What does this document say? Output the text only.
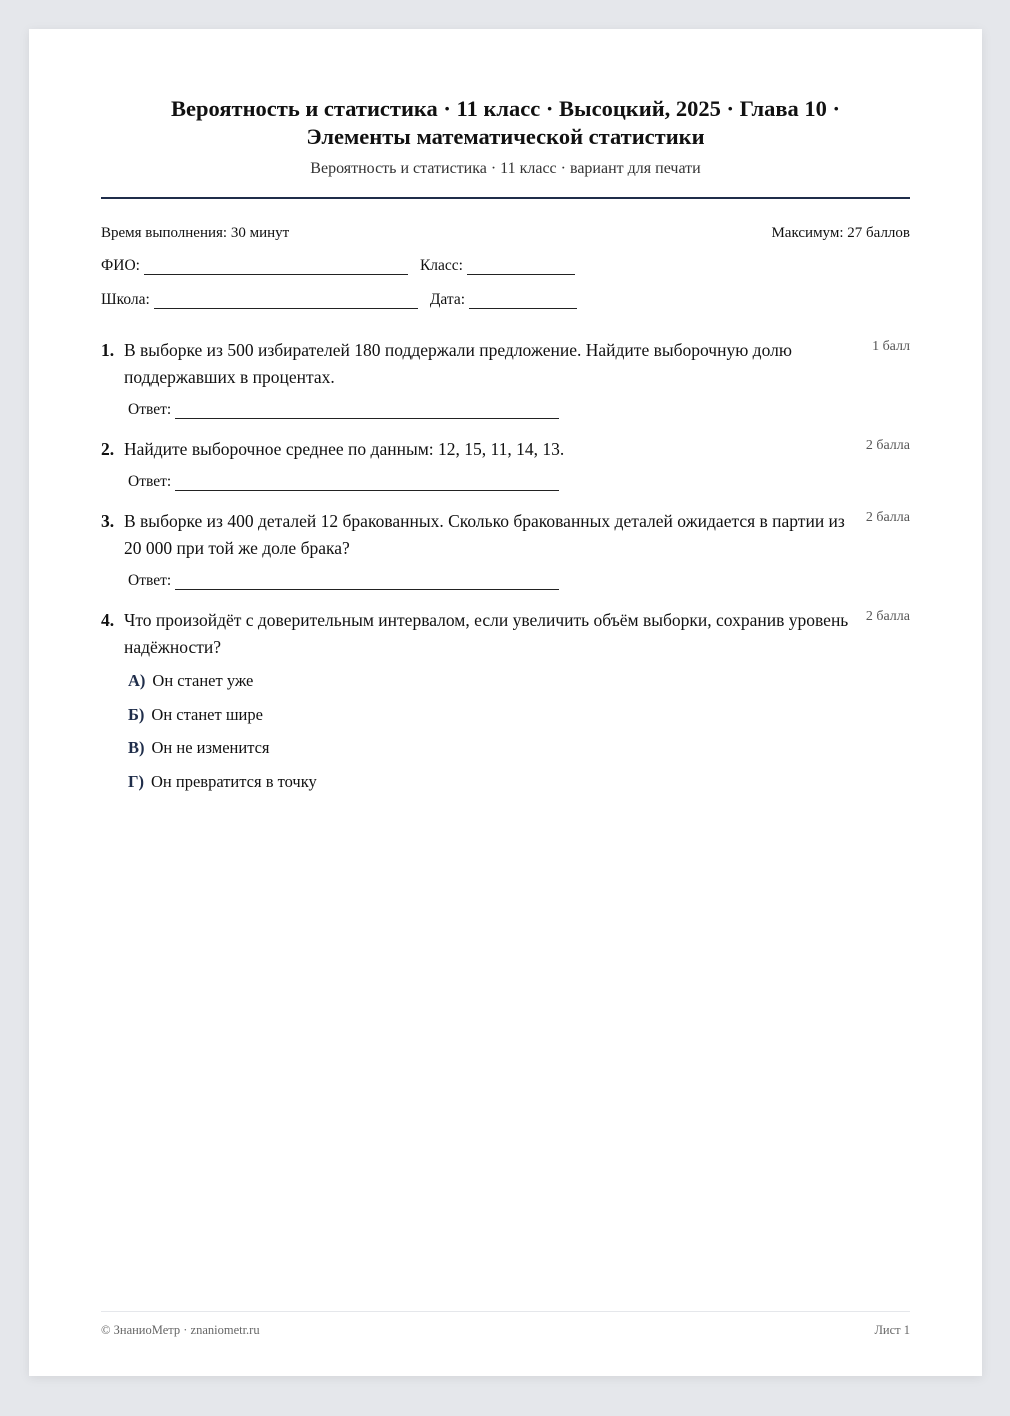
Вероятность и статистика · 11 класс · Высоцкий, 2025 · Глава 10 · Элементы математической статистики
Вероятность и статистика · 11 класс · вариант для печати
Время выполнения: 30 минут	Максимум: 27 баллов
ФИО:	Класс:
Школа:	Дата:
1. В выборке из 500 избирателей 180 поддержали предложение. Найдите выборочную долю поддержавших в процентах.
1 балл
Ответ:
2. Найдите выборочное среднее по данным: 12, 15, 11, 14, 13.	2 балла
Ответ:
3. В выборке из 400 деталей 12 бракованных. Сколько бракованных деталей ожидается в партии из 20 000 при той же доле брака?
2 балла
Ответ:
4. Что произойдёт с доверительным интервалом, если увеличить объём выборки, сохранив уровень надёжности?
2 балла
А) Он станет уже
Б) Он станет шире
В) Он не изменится
Г) Он превратится в точку
© ЗнаниоМетр · znaniometr.ru	Лист 1
